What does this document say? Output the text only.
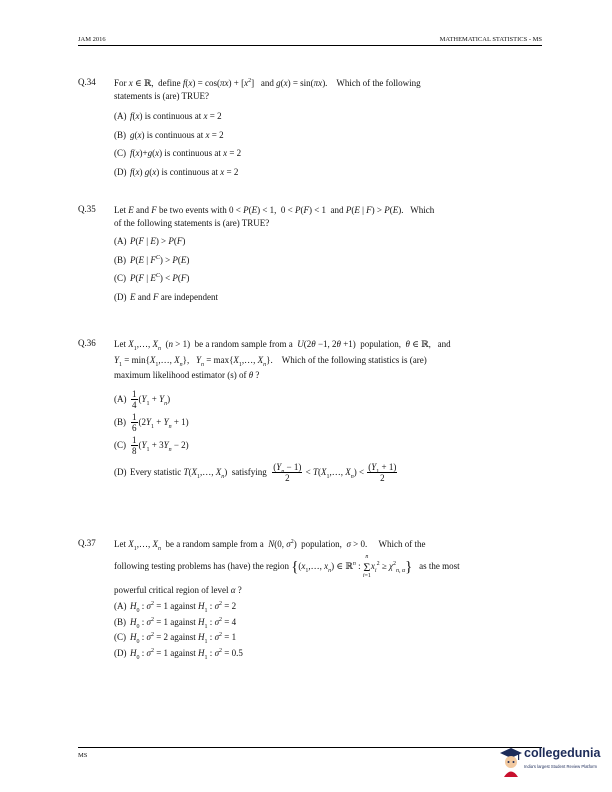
JAM 2016	MATHEMATICAL STATISTICS - MS
Q.34 For x ∈ ℝ,  define $f(x) = \cos(\pi x) + [x^2]$   and g(x) = sin(πx).    Which of the following
statements is (are) TRUE?
(A) f(x) is continuous at x = 2
(B) g(x) is continuous at x = 2
(C) f(x)+g(x) is continuous at x = 2
(D) f(x) g(x) is continuous at x = 2
Q.35 Let E and F be two events with 0 < P(E) < 1,  0 < P(F) < 1  and P(E | F) > P(E).   Which
of the following statements is (are) TRUE?
(A) P(F | E) > P(F)
(B) P(E | $F^C) > P(E)$
(C) P(F | $E^C) < P(F)$
(D) E and F are independent
Q.36 Let $X_1,\dots$, $X_n$  (n > 1)  be a random sample from a  U(2θ −1, 2θ +1)  population,  θ ∈ ℝ,   and
$Y_1$ = $\min\{X_1,\dots$, $X_n$},   $Y_n$ = $\max\{X_1,\dots$, $X_n$}.    Which of the following statistics is (are)
maximum likelihood estimator (s) of θ ?
$(A) \frac{1}{4} (Y_1 + Y_n)$
$(B) \frac{1}{6} (2Y_1 + Y_n + 1)$
$(C) \frac{1}{8} (Y_1 + 3Y_n - 2)$
(D) Every statistic $T(X_1,\dots$, $X_n$)  satisfying $\frac{(Y_n - 1)}{2}$ < $T(X_1,\dots$, $X_n) < \frac{(Y_1 + 1)}{2}$
Q.37 Let $X_1,\dots$, $X_n$  be a random sample from a  N(0, $\sigma^2$)  population,  σ > 0.     Which of the
following testing problems has (have) the region {($x_1,\dots$, $x_n$) ∈ ℝ$^n$ : n
Σ
$i=1x_i^2 \ge \chi^2_{n, \alpha}$}   as the most
powerful critical region of level α ?
(A) $H_0$ : $\sigma^2 = 1$ against $H_1$ : $\sigma^2 = 2$
(B) $H_0$ : $\sigma^2 = 1$ against $H_1$ : $\sigma^2 = 4$
(C) $H_0$ : $\sigma^2 = 2$ against $H_1$ : $\sigma^2 = 1$
(D) $H_0$ : $\sigma^2 = 1$ against $H_1$ : $\sigma^2 = 0.5$
MS	collegedunia
India's largest Student Review Platform
